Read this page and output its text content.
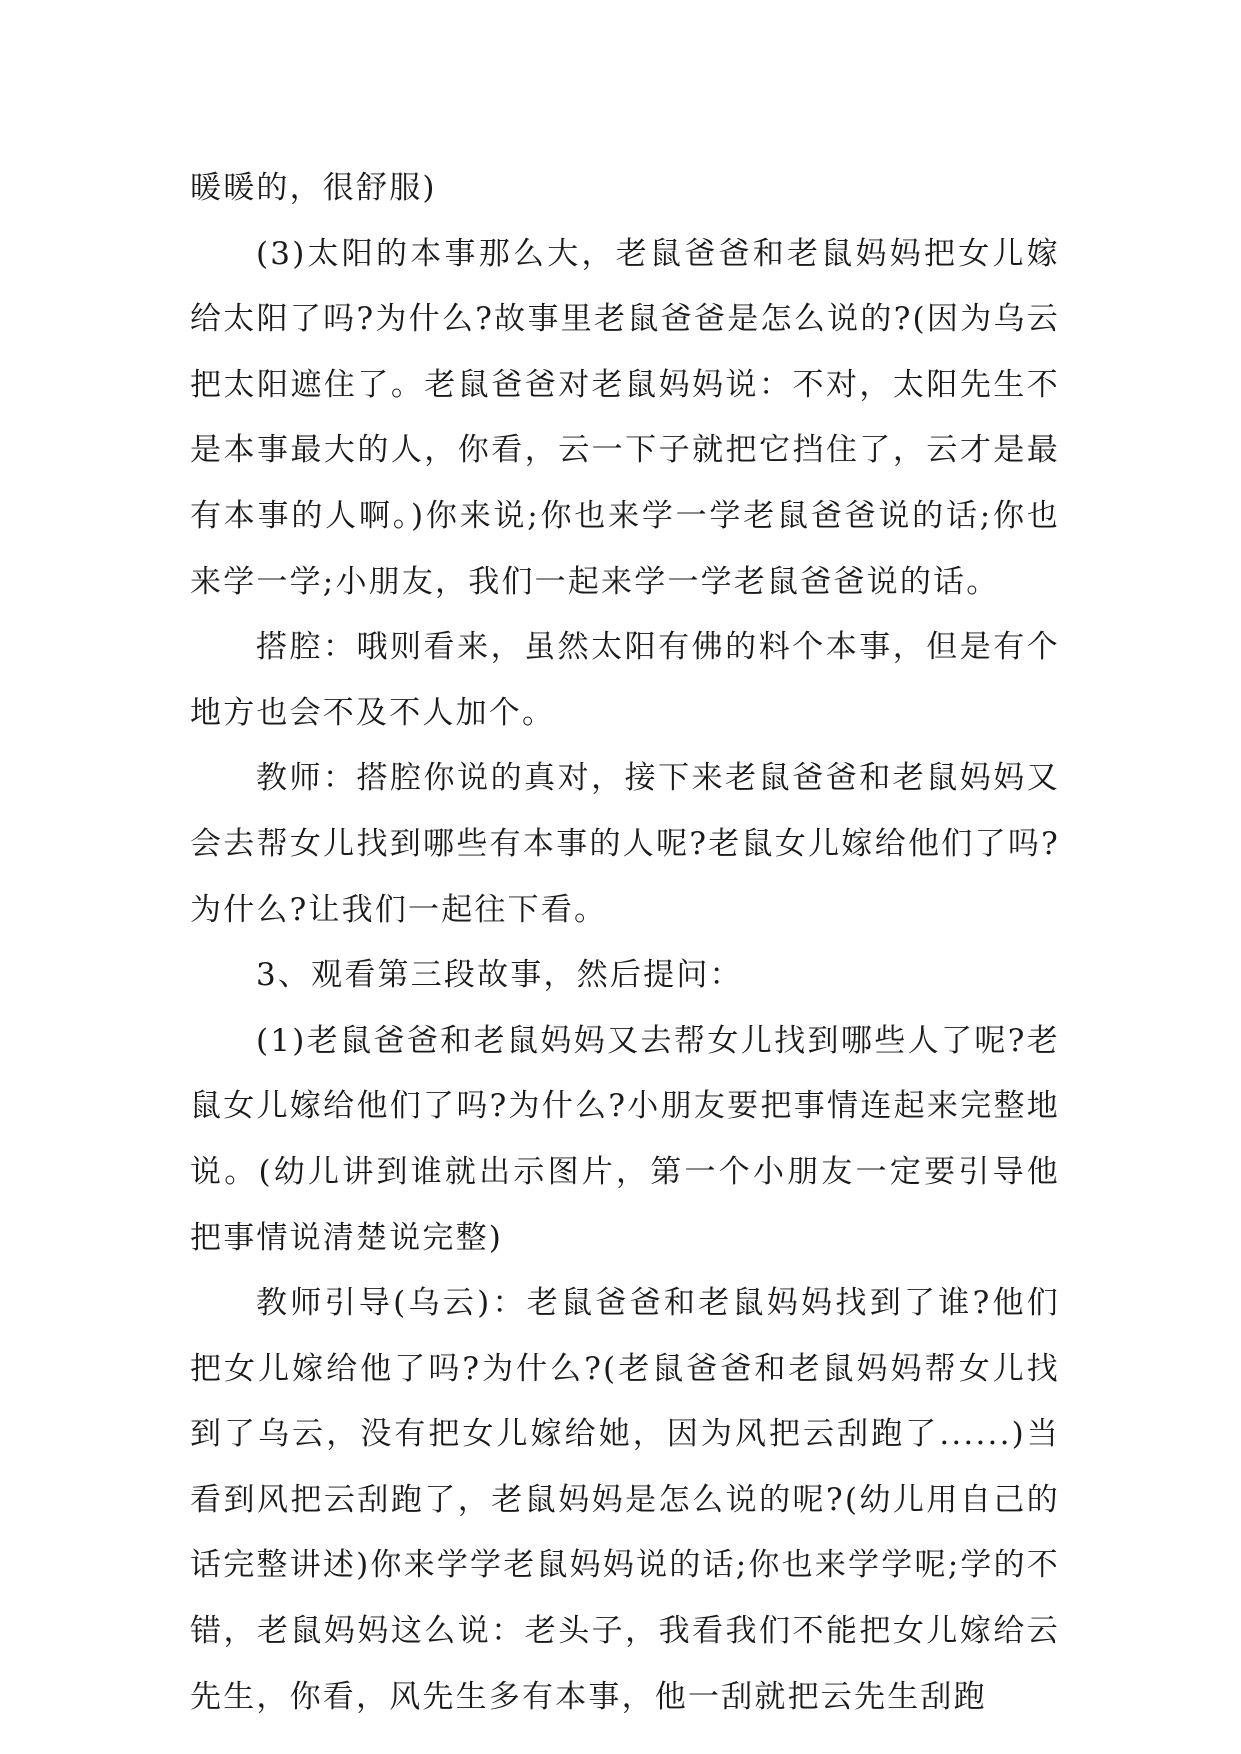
暖暖的，很舒服)

(3)太阳的本事那么大，老鼠爸爸和老鼠妈妈把女儿嫁给太阳了吗?为什么?故事里老鼠爸爸是怎么说的?(因为乌云把太阳遮住了。老鼠爸爸对老鼠妈妈说：不对，太阳先生不是本事最大的人，你看，云一下子就把它挡住了，云才是最有本事的人啊。)你来说;你也来学一学老鼠爸爸说的话;你也来学一学;小朋友，我们一起来学一学老鼠爸爸说的话。

搭腔：哦则看来，虽然太阳有佛的料个本事，但是有个地方也会不及不人加个。

教师：搭腔你说的真对，接下来老鼠爸爸和老鼠妈妈又会去帮女儿找到哪些有本事的人呢?老鼠女儿嫁给他们了吗?为什么?让我们一起往下看。

3、观看第三段故事，然后提问：

(1)老鼠爸爸和老鼠妈妈又去帮女儿找到哪些人了呢?老鼠女儿嫁给他们了吗?为什么?小朋友要把事情连起来完整地说。(幼儿讲到谁就出示图片，第一个小朋友一定要引导他把事情说清楚说完整)

教师引导(乌云)：老鼠爸爸和老鼠妈妈找到了谁?他们把女儿嫁给他了吗?为什么?(老鼠爸爸和老鼠妈妈帮女儿找到了乌云，没有把女儿嫁给她，因为风把云刮跑了......)当看到风把云刮跑了，老鼠妈妈是怎么说的呢?(幼儿用自己的话完整讲述)你来学学老鼠妈妈说的话;你也来学学呢;学的不错，老鼠妈妈这么说：老头子，我看我们不能把女儿嫁给云先生，你看，风先生多有本事，他一刮就把云先生刮跑
